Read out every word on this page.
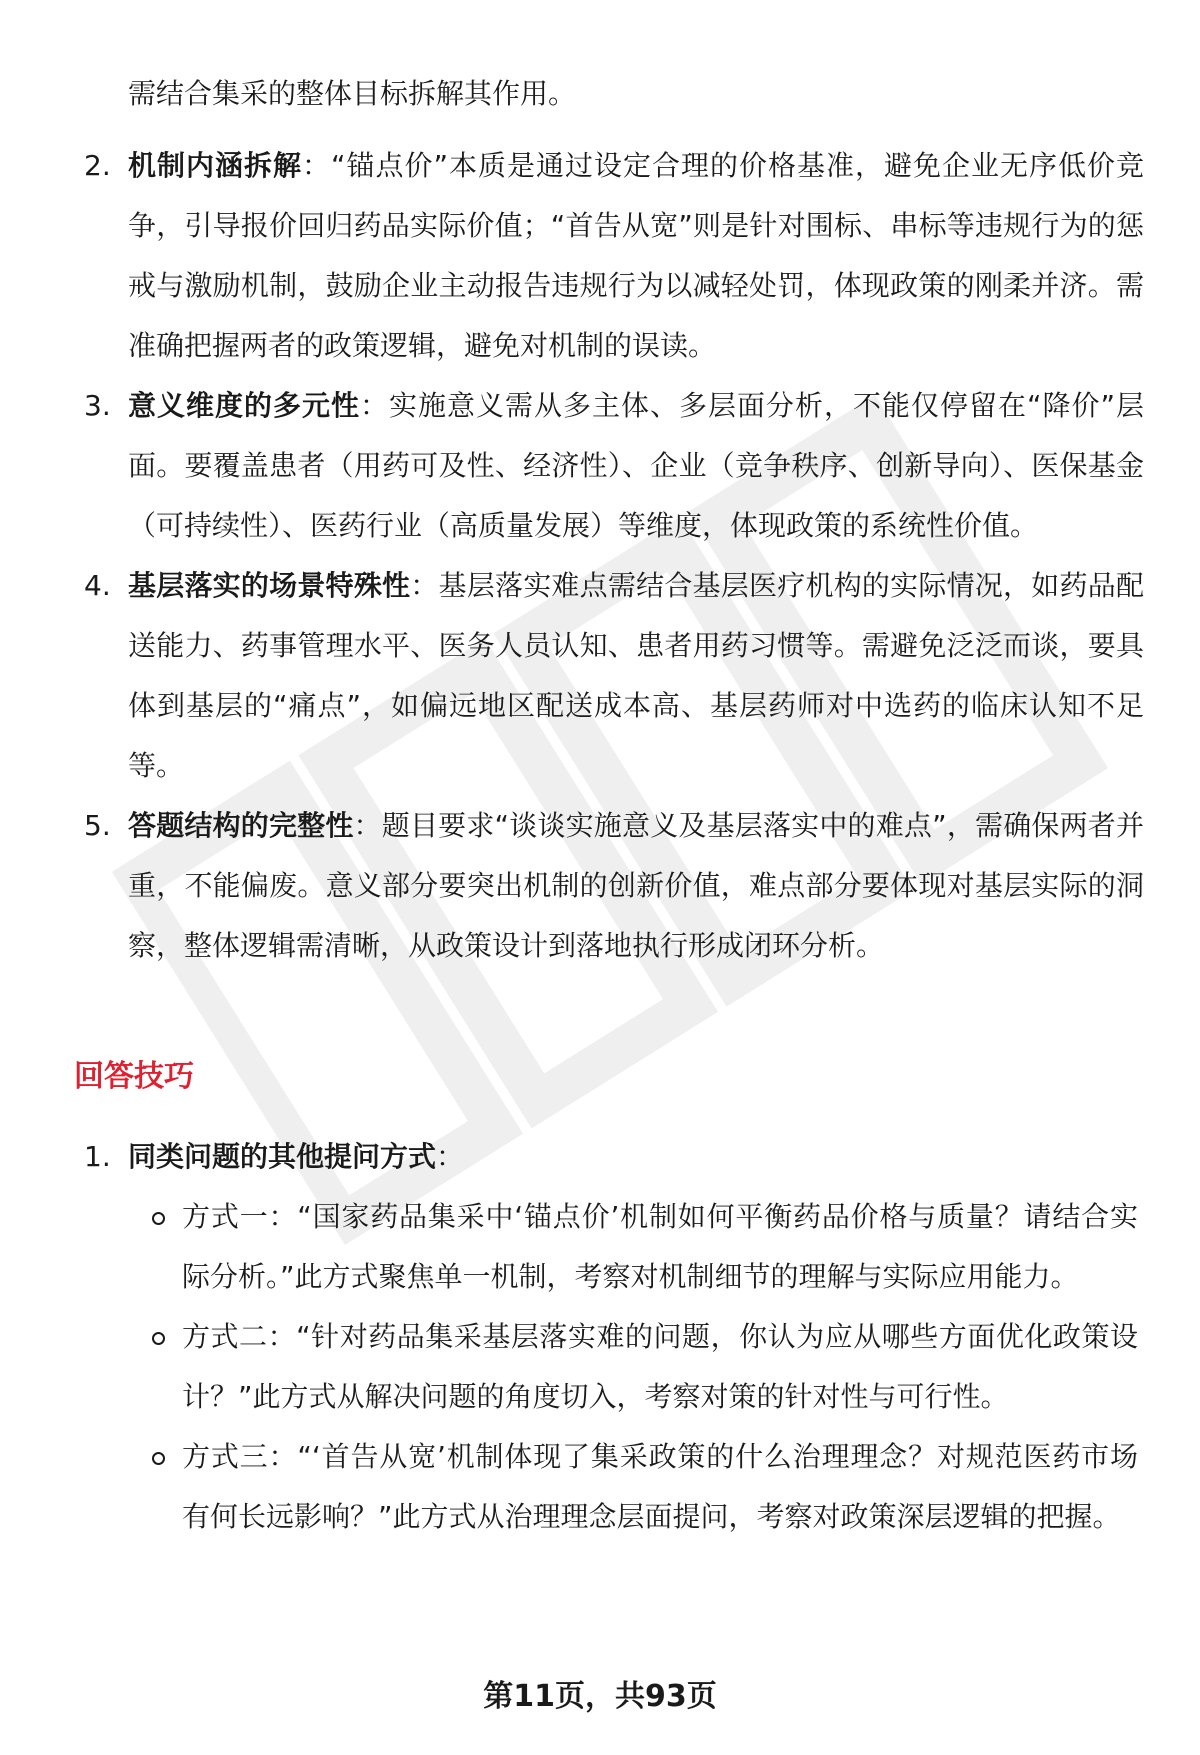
需结合集采的整体目标拆解其作用。
2. 机制内涵拆解：“锚点价”本质是通过设定合理的价格基准，避免企业无序低价竞争，引导报价回归药品实际价值；“首告从宽”则是针对围标、串标等违规行为的惩戒与激励机制，鼓励企业主动报告违规行为以减轻处罚，体现政策的刚柔并济。需准确把握两者的政策逻辑，避免对机制的误读。
3. 意义维度的多元性：实施意义需从多主体、多层面分析，不能仅停留在“降价”层面。要覆盖患者（用药可及性、经济性）、企业（竞争秩序、创新导向）、医保基金（可持续性）、医药行业（高质量发展）等维度，体现政策的系统性价值。
4. 基层落实的场景特殊性：基层落实难点需结合基层医疗机构的实际情况，如药品配送能力、药事管理水平、医务人员认知、患者用药习惯等。需避免泛泛而谈，要具体到基层的“痛点”，如偏远地区配送成本高、基层药师对中选药的临床认知不足等。
5. 答题结构的完整性：题目要求“谈谈实施意义及基层落实中的难点”，需确保两者并重，不能偏废。意义部分要突出机制的创新价值，难点部分要体现对基层实际的洞察，整体逻辑需清晰，从政策设计到落地执行形成闭环分析。
回答技巧
1. 同类问题的其他提问方式：
方式一：“国家药品集采中‘锚点价’机制如何平衡药品价格与质量？请结合实际分析。”此方式聚焦单一机制，考察对机制细节的理解与实际应用能力。
方式二：“针对药品集采基层落实难的问题，你认为应从哪些方面优化政策设计？”此方式从解决问题的角度切入，考察对策的针对性与可行性。
方式三：“‘首告从宽’机制体现了集采政策的什么治理理念？对规范医药市场有何长远影响？”此方式从治理理念层面提问，考察对政策深层逻辑的把握。
第11页，共93页
